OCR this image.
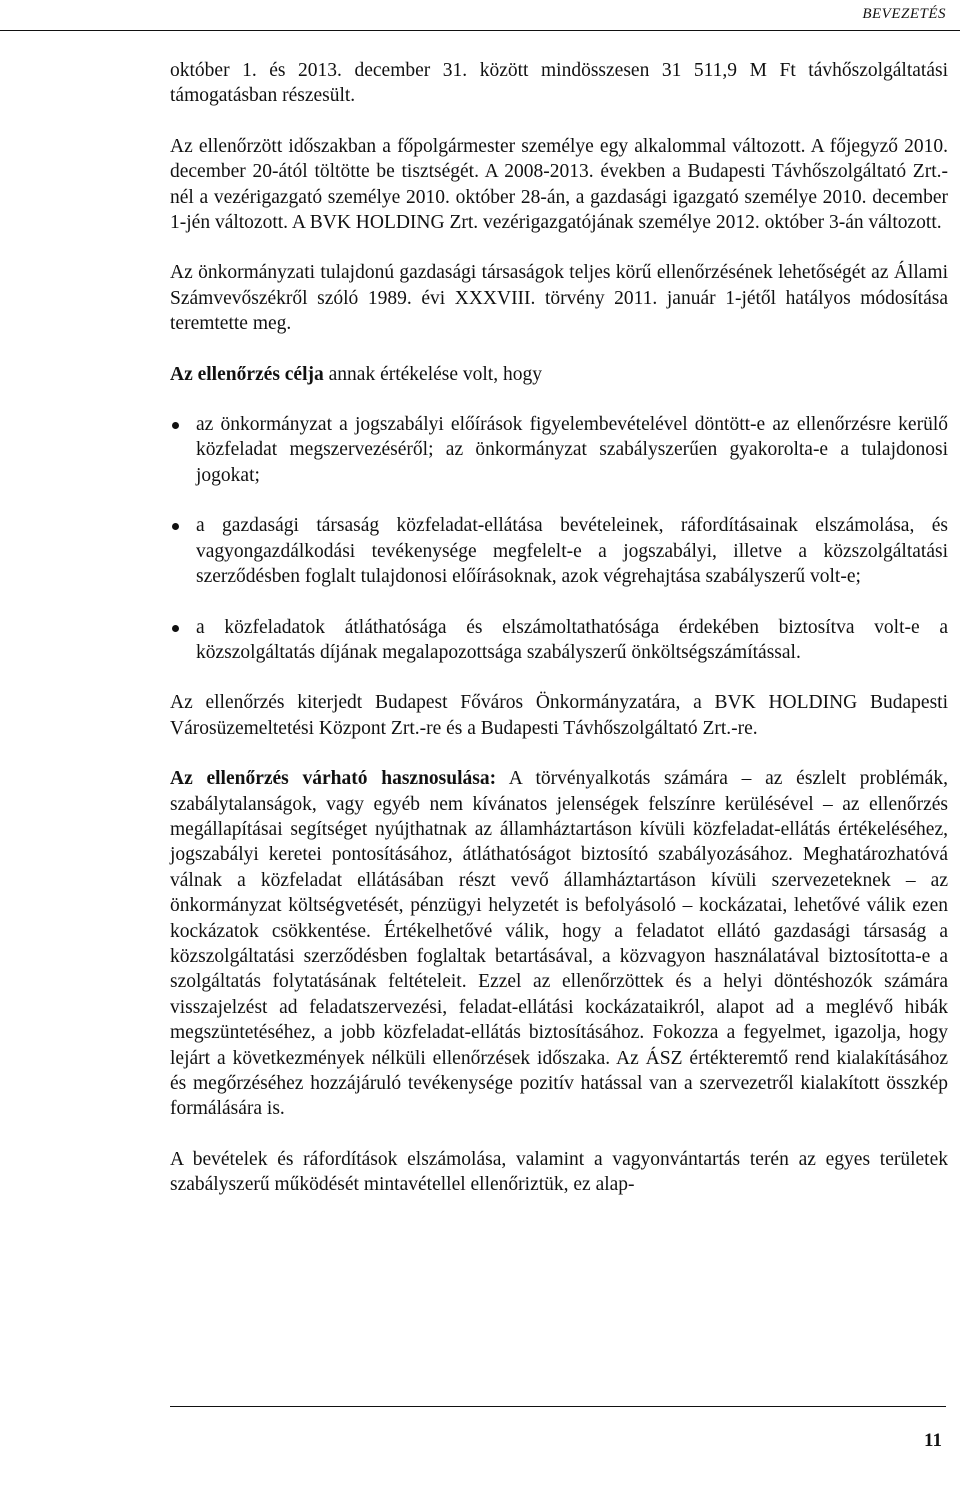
BEVEZETÉS

október 1. és 2013. december 31. között mindösszesen 31 511,9 M Ft távhőszolgáltatási támogatásban részesült.

Az ellenőrzött időszakban a főpolgármester személye egy alkalommal változott. A főjegyző 2010. december 20-ától töltötte be tisztségét. A 2008-2013. években a Budapesti Távhőszolgáltató Zrt.-nél a vezérigazgató személye 2010. október 28-án, a gazdasági igazgató személye 2010. december 1-jén változott. A BVK HOLDING Zrt. vezérigazgatójának személye 2012. október 3-án változott.

Az önkormányzati tulajdonú gazdasági társaságok teljes körű ellenőrzésének lehetőségét az Állami Számvevőszékről szóló 1989. évi XXXVIII. törvény 2011. január 1-jétől hatályos módosítása teremtette meg.

Az ellenőrzés célja annak értékelése volt, hogy

az önkormányzat a jogszabályi előírások figyelembevételével döntött-e az ellenőrzésre kerülő közfeladat megszervezéséről; az önkormányzat szabályszerűen gyakorolta-e a tulajdonosi jogokat;
a gazdasági társaság közfeladat-ellátása bevételeinek, ráfordításainak elszámolása, és vagyongazdálkodási tevékenysége megfelelt-e a jogszabályi, illetve a közszolgáltatási szerződésben foglalt tulajdonosi előírásoknak, azok végrehajtása szabályszerű volt-e;
a közfeladatok átláthatósága és elszámoltathatósága érdekében biztosítva volt-e a közszolgáltatás díjának megalapozottsága szabályszerű önköltségszámítással.

Az ellenőrzés kiterjedt Budapest Főváros Önkormányzatára, a BVK HOLDING Budapesti Városüzemeltetési Központ Zrt.-re és a Budapesti Távhőszolgáltató Zrt.-re.

Az ellenőrzés várható hasznosulása: A törvényalkotás számára – az észlelt problémák, szabálytalanságok, vagy egyéb nem kívánatos jelenségek felszínre kerülésével – az ellenőrzés megállapításai segítséget nyújthatnak az államháztartáson kívüli közfeladat-ellátás értékeléséhez, jogszabályi keretei pontosításához, átláthatóságot biztosító szabályozásához. Meghatározhatóvá válnak a közfeladat ellátásában részt vevő államháztartáson kívüli szervezeteknek – az önkormányzat költségvetését, pénzügyi helyzetét is befolyásoló – kockázatai, lehetővé válik ezen kockázatok csökkentése. Értékelhetővé válik, hogy a feladatot ellátó gazdasági társaság a közszolgáltatási szerződésben foglaltak betartásával, a közvagyon használatával biztosította-e a szolgáltatás folytatásának feltételeit. Ezzel az ellenőrzöttek és a helyi döntéshozók számára visszajelzést ad feladatszervezési, feladat-ellátási kockázataikról, alapot ad a meglévő hibák megszüntetéséhez, a jobb közfeladat-ellátás biztosításához. Fokozza a fegyelmet, igazolja, hogy lejárt a következmények nélküli ellenőrzések időszaka. Az ÁSZ értékteremtő rend kialakításához és megőrzéséhez hozzájáruló tevékenysége pozitív hatással van a szervezetről kialakított összkép formálására is.

A bevételek és ráfordítások elszámolása, valamint a vagyonvántartás terén az egyes területek szabályszerű működését mintavétellel ellenőriztük, ez alap-

11
